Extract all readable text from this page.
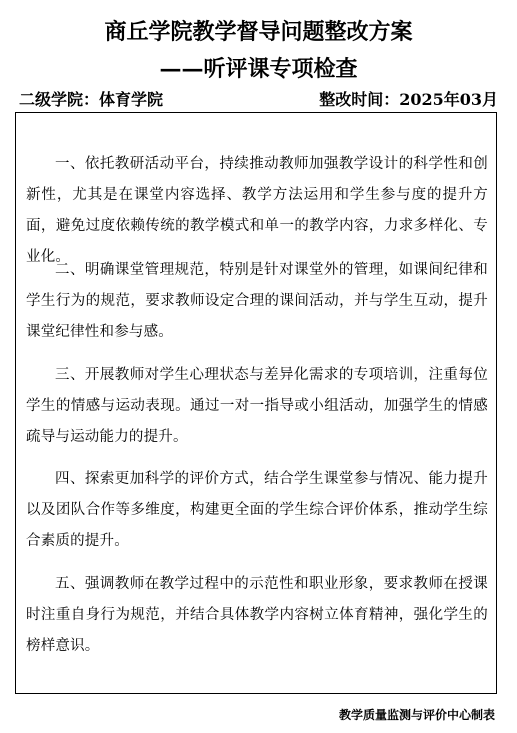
商丘学院教学督导问题整改方案
——听评课专项检查
二级学院：体育学院	整改时间：2025年03月

一、依托教研活动平台，持续推动教师加强教学设计的科学性和创新性，尤其是在课堂内容选择、教学方法运用和学生参与度的提升方面，避免过度依赖传统的教学模式和单一的教学内容，力求多样化、专业化。

二、明确课堂管理规范，特别是针对课堂外的管理，如课间纪律和学生行为的规范，要求教师设定合理的课间活动，并与学生互动，提升课堂纪律性和参与感。

三、开展教师对学生心理状态与差异化需求的专项培训，注重每位学生的情感与运动表现。通过一对一指导或小组活动，加强学生的情感疏导与运动能力的提升。

四、探索更加科学的评价方式，结合学生课堂参与情况、能力提升以及团队合作等多维度，构建更全面的学生综合评价体系，推动学生综合素质的提升。

五、强调教师在教学过程中的示范性和职业形象，要求教师在授课时注重自身行为规范，并结合具体教学内容树立体育精神，强化学生的榜样意识。

教学质量监测与评价中心制表
